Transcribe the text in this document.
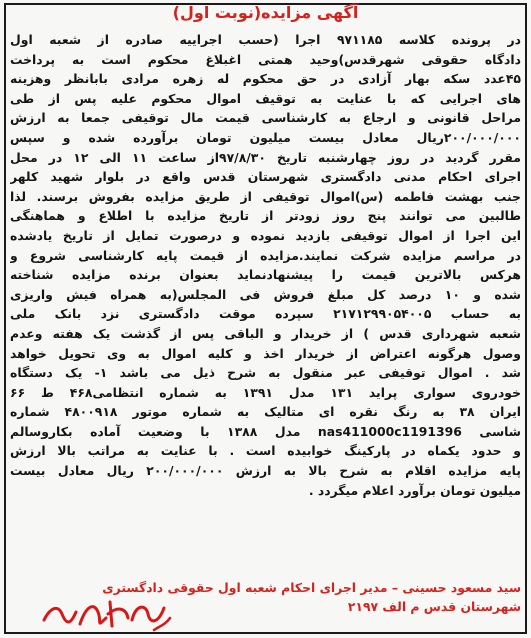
آگهی مزایده(نوبت اول)
در پرونده کلاسه ۹۷۱۱۸۵ اجرا (حسب اجراییه صادره از شعبه اول
دادگاه حقوقی شهرقدس)وحید همتی اغبلاغ محکوم است به پرداخت
۴۵عدد سکه بهار آزادی در حق محکوم له زهره مرادی بابانظر وهزینه
های اجرایی که با عنایت به توقیف اموال محکوم علیه پس از طی
مراحل قانونی و ارجاع به کارشناسی قیمت مال توقیفی جمعا به ارزش
۲۰۰/۰۰۰/۰۰۰ریال معادل بیست میلیون تومان برآورده شده و سپس
مقرر گردید در روز چهارشنبه تاریخ ۹۷/۸/۳۰از ساعت ۱۱ الی ۱۲ در محل
اجرای احکام مدنی دادگستری شهرستان قدس واقع در بلوار شهید کلهر
جنب بهشت فاطمه (س)اموال توقیفی از طریق مزایده بفروش برسند. لذا
طالبین می توانند پنج روز زودتر از تاریخ مزایده با اطلاع و هماهنگی
این اجرا از اموال توقیفی بازدید نموده و درصورت تمایل از تاریخ یادشده
در مراسم مزایده شرکت نمایند.مزایده از قیمت پایه کارشناسی شروع و
هرکس بالاترین قیمت را پیشنهادنماید بعنوان برنده مزایده شناخته
شده و ۱۰ درصد کل مبلغ فروش فی المجلس(به همراه فیش واریزی
به حساب ۲۱۷۱۲۹۹۰۵۴۰۰۵ سپرده موقت دادگستری نزد بانک ملی
شعبه شهرداری قدس ) از خریدار و الباقی پس از گذشت یک هفته وعدم
وصول هرگونه اعتراض از خریدار اخذ و کلیه اموال به وی تحویل خواهد
شد . اموال توقیفی عبر منقول به شرح ذیل می باشد ۱- یک دستگاه
خودروی سواری پراید ۱۳۱ مدل ۱۳۹۱ به شماره انتظامی۴۶۸ ط ۶۶
ایران ۳۸ به رنگ نقره ای متالیک به شماره موتور ۴۸۰۰۹۱۸ شماره
شاسی nas411000c1191396 مدل ۱۳۸۸ با وضعیت آماده بکاروسالم
و حدود یکماه در پارکینگ خوابیده است . با عنایت به مراتب بالا ارزش
پایه مزایده اقلام به شرح بالا به ارزش ۲۰۰/۰۰۰/۰۰۰ ریال معادل بیست
میلیون تومان برآورد اعلام میگردد .
سید مسعود حسینی – مدیر اجرای احکام شعبه اول حقوقی دادگستری
شهرستان قدس م الف ۲۱۹۷
